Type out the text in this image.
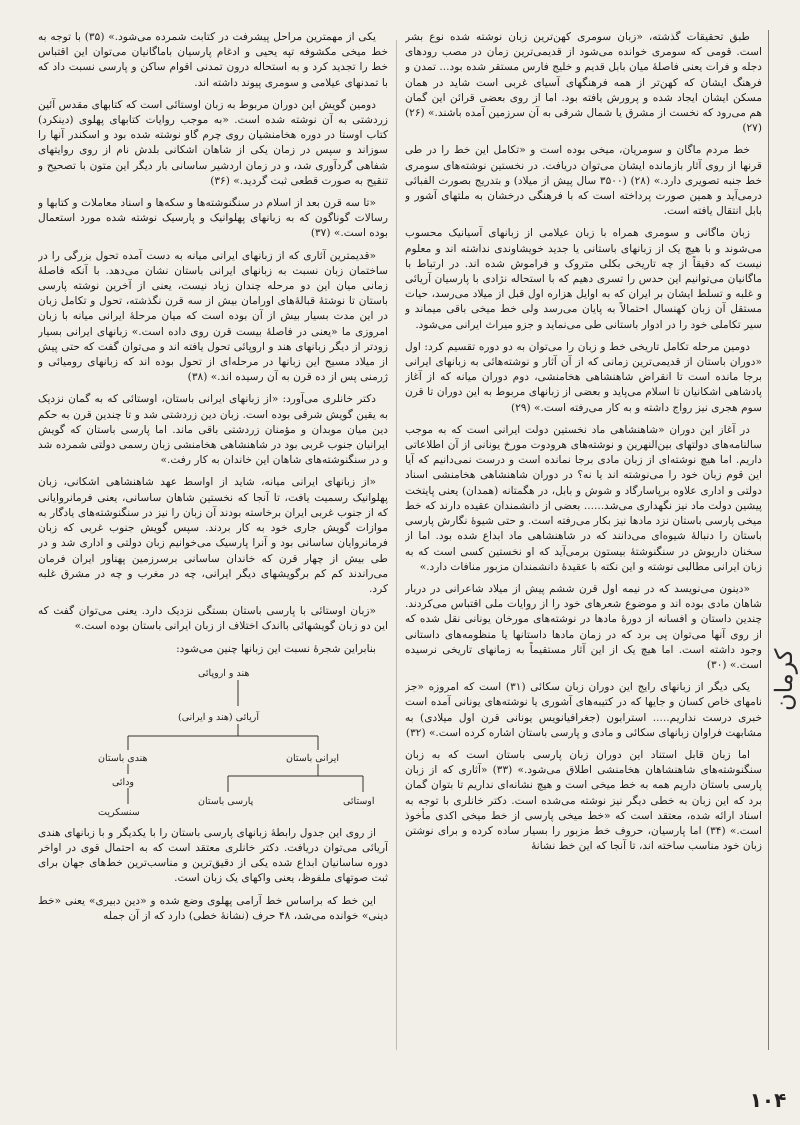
طبق تحقیقات گذشته، «زبان سومری کهن‌ترین زبان نوشته شده نوع بشر است. قومی که سومری خوانده می‌شود از قدیمی‌ترین زمان در مصب رودهای دجله و فرات یعنی فاصلهٔ میان بابل قدیم و خلیج فارس مستقر شده بود... تمدن و فرهنگ ایشان که کهن‌تر از همه فرهنگهای آسیای غربی است شاید در همان مسکن ایشان ایجاد شده و پرورش یافته بود. اما از روی بعضی قرائن این گمان هم می‌رود که نخست از مشرق یا شمال شرقی به آن سرزمین آمده باشند.» (۲۶) (۲۷)

خط مردم ماگان و سومریان، میخی بوده است و «تکامل این خط را در طی قرنها از روی آثار بازمانده ایشان می‌توان دریافت. در نخستین نوشته‌های سومری خط جنبه تصویری دارد.» (۲۸) (۳۵۰۰ سال پیش از میلاد) و بتدریج بصورت الفبائی درمی‌آید و همین صورت پرداخته است که با فرهنگی درخشان به ملتهای آشور و بابل انتقال یافته است.

زبان ماگانی و سومری همراه با زبان عیلامی از زبانهای آسیانیک محسوب می‌شوند و با هیچ یک از زبانهای باستانی یا جدید خویشاوندی نداشته اند و معلوم نیست که دقیقاً از چه تاریخی بکلی متروک و فراموش شده اند. در ارتباط با ماگانیان می‌توانیم این حدس را تسری دهیم که با استحاله نژادی با پارسیان آریائی و غلبه و تسلط ایشان بر ایران که به اوایل هزاره اول قبل از میلاد می‌رسد، حیات مستقل آن زبان کهنسال احتمالاً به پایان می‌رسد ولی خط میخی باقی میماند و سیر تکاملی خود را در ادوار باستانی طی می‌نماید و جزو میراث ایرانی می‌شود.

دومین مرحله تکامل تاریخی خط و زبان را می‌توان به دو دوره تقسیم کرد: اول «دوران باستان از قدیمی‌ترین زمانی که از آن آثار و نوشته‌هائی به زبانهای ایرانی برجا مانده است تا انقراض شاهنشاهی هخامنشی، دوم دوران میانه که از آغاز پادشاهی اشکانیان تا اسلام می‌پاید و بعضی از زبانهای مربوط به این دوران تا قرن سوم هجری نیز رواج داشته و به کار می‌رفته است.» (۲۹)

در آغاز این دوران «شاهنشاهی ماد نخستین دولت ایرانی است که به موجب سالنامه‌های دولتهای بین‌النهرین و نوشته‌های هرودوت مورخ یونانی از آن اطلاعاتی داریم. اما هیچ نوشته‌ای از زبان مادی برجا نمانده است و درست نمی‌دانیم که آیا این قوم زبان خود را می‌نوشته اند یا نه؟ در دوران شاهنشاهی هخامنشی اسناد دولتی و اداری علاوه برپاسارگاد و شوش و بابل، در هگمتانه (همدان) یعنی پایتخت پیشین دولت ماد نیز نگهداری می‌شد...... بعضی از دانشمندان عقیده دارند که خط میخی پارسی باستان نزد مادها نیز بکار می‌رفته است. و حتی شیوهٔ نگارش پارسی باستان را دنبالهٔ شیوه‌ای می‌دانند که در شاهنشاهی ماد ابداع شده بود. اما از سخنان داریوش در سنگنوشتهٔ بیستون برمی‌آید که او نخستین کسی است که به زبان ایرانی مطالبی نوشته و این نکته با عقیدهٔ دانشمندان مزبور منافات دارد.»

«دینون می‌نویسد که در نیمه اول قرن ششم پیش از میلاد شاعرانی در دربار شاهان مادی بوده اند و موضوع شعرهای خود را از روایات ملی اقتباس می‌کردند. چندین داستان و افسانه از دورهٔ مادها در نوشته‌های مورخان یونانی نقل شده که از روی آنها می‌توان پی برد که در زمان مادها داستانها یا منظومه‌های داستانی وجود داشته است. اما هیچ یک از این آثار مستقیماً به زمانهای تاریخی نرسیده است.» (۳۰)

یکی دیگر از زبانهای رایج این دوران زبان سکائی (۳۱) است که امروزه «جز نامهای خاص کسان و جایها که در کتیبه‌های آشوری یا نوشته‌های یونانی آمده است خبری درست نداریم..... استرابون (جغرافیانویس یونانی قرن اول میلادی) به مشابهت فراوان زبانهای سکائی و مادی و پارسی باستان اشاره کرده است.» (۳۲)

اما زبان قابل استناد این دوران زبان پارسی باستان است که به زبان سنگنوشته‌های شاهنشاهان هخامنشی اطلاق می‌شود.» (۳۳) «آثاری که از زبان پارسی باستان داریم همه به خط میخی است و هیچ نشانه‌ای نداریم تا بتوان گمان برد که این زبان به خطی دیگر نیز نوشته می‌شده است. دکتر خانلری با توجه به اسناد ارائه شده، معتقد است که «خط میخی پارسی از خط میخی اکدی مأخوذ است.» (۳۴) اما پارسیان، حروف خط مزبور را بسیار ساده کرده و برای نوشتن زبان خود مناسب ساخته اند، تا آنجا که این خط نشانهٔ

یکی از مهمترین مراحل پیشرفت در کتابت شمرده می‌شود.» (۳۵) با توجه به خط میخی مکشوفه تپه یحیی و ادغام پارسیان باماگانیان می‌توان این اقتباس خط را تجدید کرد و به استحاله درون تمدنی اقوام ساکن و پارسی نسبت داد که با تمدنهای عیلامی و سومری پیوند داشته اند.

دومین گویش این دوران مربوط به زبان اوستائی است که کتابهای مقدس آئین زردشتی به آن نوشته شده است. «به موجب روایات کتابهای پهلوی (دینکرد) کتاب اوستا در دوره هخامنشیان روی چرم گاو نوشته شده بود و اسکندر آنها را سوزاند و سپس در زمان یکی از شاهان اشکانی بلدش نام از روی روایتهای شفاهی گردآوری شد، و در زمان اردشیر ساسانی بار دیگر این متون با تصحیح و تنقیح به صورت قطعی ثبت گردید.» (۳۶)

«تا سه قرن بعد از اسلام در سنگنوشته‌ها و سکه‌ها و اسناد معاملات و کتابها و رسالات گوناگون که به زبانهای پهلوانیک و پارسیک نوشته شده مورد استعمال بوده است.» (۳۷)

«قدیمترین آثاری که از زبانهای ایرانی میانه به دست آمده تحول بزرگی را در ساختمان زبان نسبت به زبانهای ایرانی باستان نشان می‌دهد. با آنکه فاصلهٔ زمانی میان این دو مرحله چندان زیاد نیست، یعنی از آخرین نوشته پارسی باستان تا نوشتهٔ قبالهٔ‌های اورامان بیش از سه قرن نگذشته، تحول و تکامل زبان در این مدت بسیار بیش از آن بوده است که میان مرحلهٔ ایرانی میانه با زبان امروزی ما «یعنی در فاصلهٔ بیست قرن روی داده است.» زبانهای ایرانی بسیار زودتر از دیگر زبانهای هند و اروپائی تحول یافته اند و می‌توان گفت که حتی پیش از میلاد مسیح این زبانها در مرحله‌ای از تحول بوده اند که زبانهای رومیائی و ژرمنی پس از ده قرن به آن رسیده اند.» (۳۸)

دکتر خانلری می‌آورد: «از زبانهای ایرانی باستان، اوستائی که به گمان نزدیک به یقین گویش شرقی بوده است. زبان دین زردشتی شد و تا چندین قرن به حکم دین میان موبدان و مؤمنان زردشتی باقی ماند. اما پارسی باستان که گویش ایرانیان جنوب غربی بود در شاهنشاهی هخامنشی زبان رسمی دولتی شمرده شد و در سنگنوشته‌های شاهان این خاندان به کار رفت.»

«از زبانهای ایرانی میانه، شاید از اواسط عهد شاهنشاهی اشکانی، زبان پهلوانیک رسمیت یافت، تا آنجا که نخستین شاهان ساسانی، یعنی فرمانروایانی که از جنوب غربی ایران برخاسته بودند آن زبان را نیز در سنگنوشته‌های یادگار به موازات گویش جاری خود به کار بردند. سپس گویش جنوب غربی که زبان فرمانروایان ساسانی بود و آنرا پارسیک می‌خوانیم زبان دولتی و اداری شد و در طی بیش از چهار قرن که خاندان ساسانی برسرزمین پهناور ایران فرمان می‌راندند کم کم برگویشهای دیگر ایرانی، چه در مغرب و چه در مشرق غلبه کرد.

«زبان اوستائی با پارسی باستان بستگی نزدیک دارد. یعنی می‌توان گفت که این دو زبان گویشهائی بااندک اختلاف از زبان ایرانی باستان بوده است.»

بنابراین شجرهٔ نسبت این زبانها چنین می‌شود:

هند و اروپائی
آریائی (هند و ایرانی)
ایرانی باستان
هندی باستان
اوستائی
پارسی باستان
ودائی
سنسکریت

از روی این جدول رابطهٔ زبانهای پارسی باستان را با یکدیگر و با زبانهای هندی آریائی می‌توان دریافت. دکتر خانلری معتقد است که به احتمال قوی در اواخر دوره ساسانیان ابداع شده یکی از دقیق‌ترین و مناسب‌ترین خط‌های جهان برای ثبت صوتهای ملفوظ، یعنی واکهای یک زبان است.

این خط که براساس خط آرامی پهلوی وضع شده و «دین دبیری» یعنی «خط دینی» خوانده می‌شد، ۴۸ حرف (نشانهٔ خطی) دارد که از آن جمله

کرمان
۱۰۴
